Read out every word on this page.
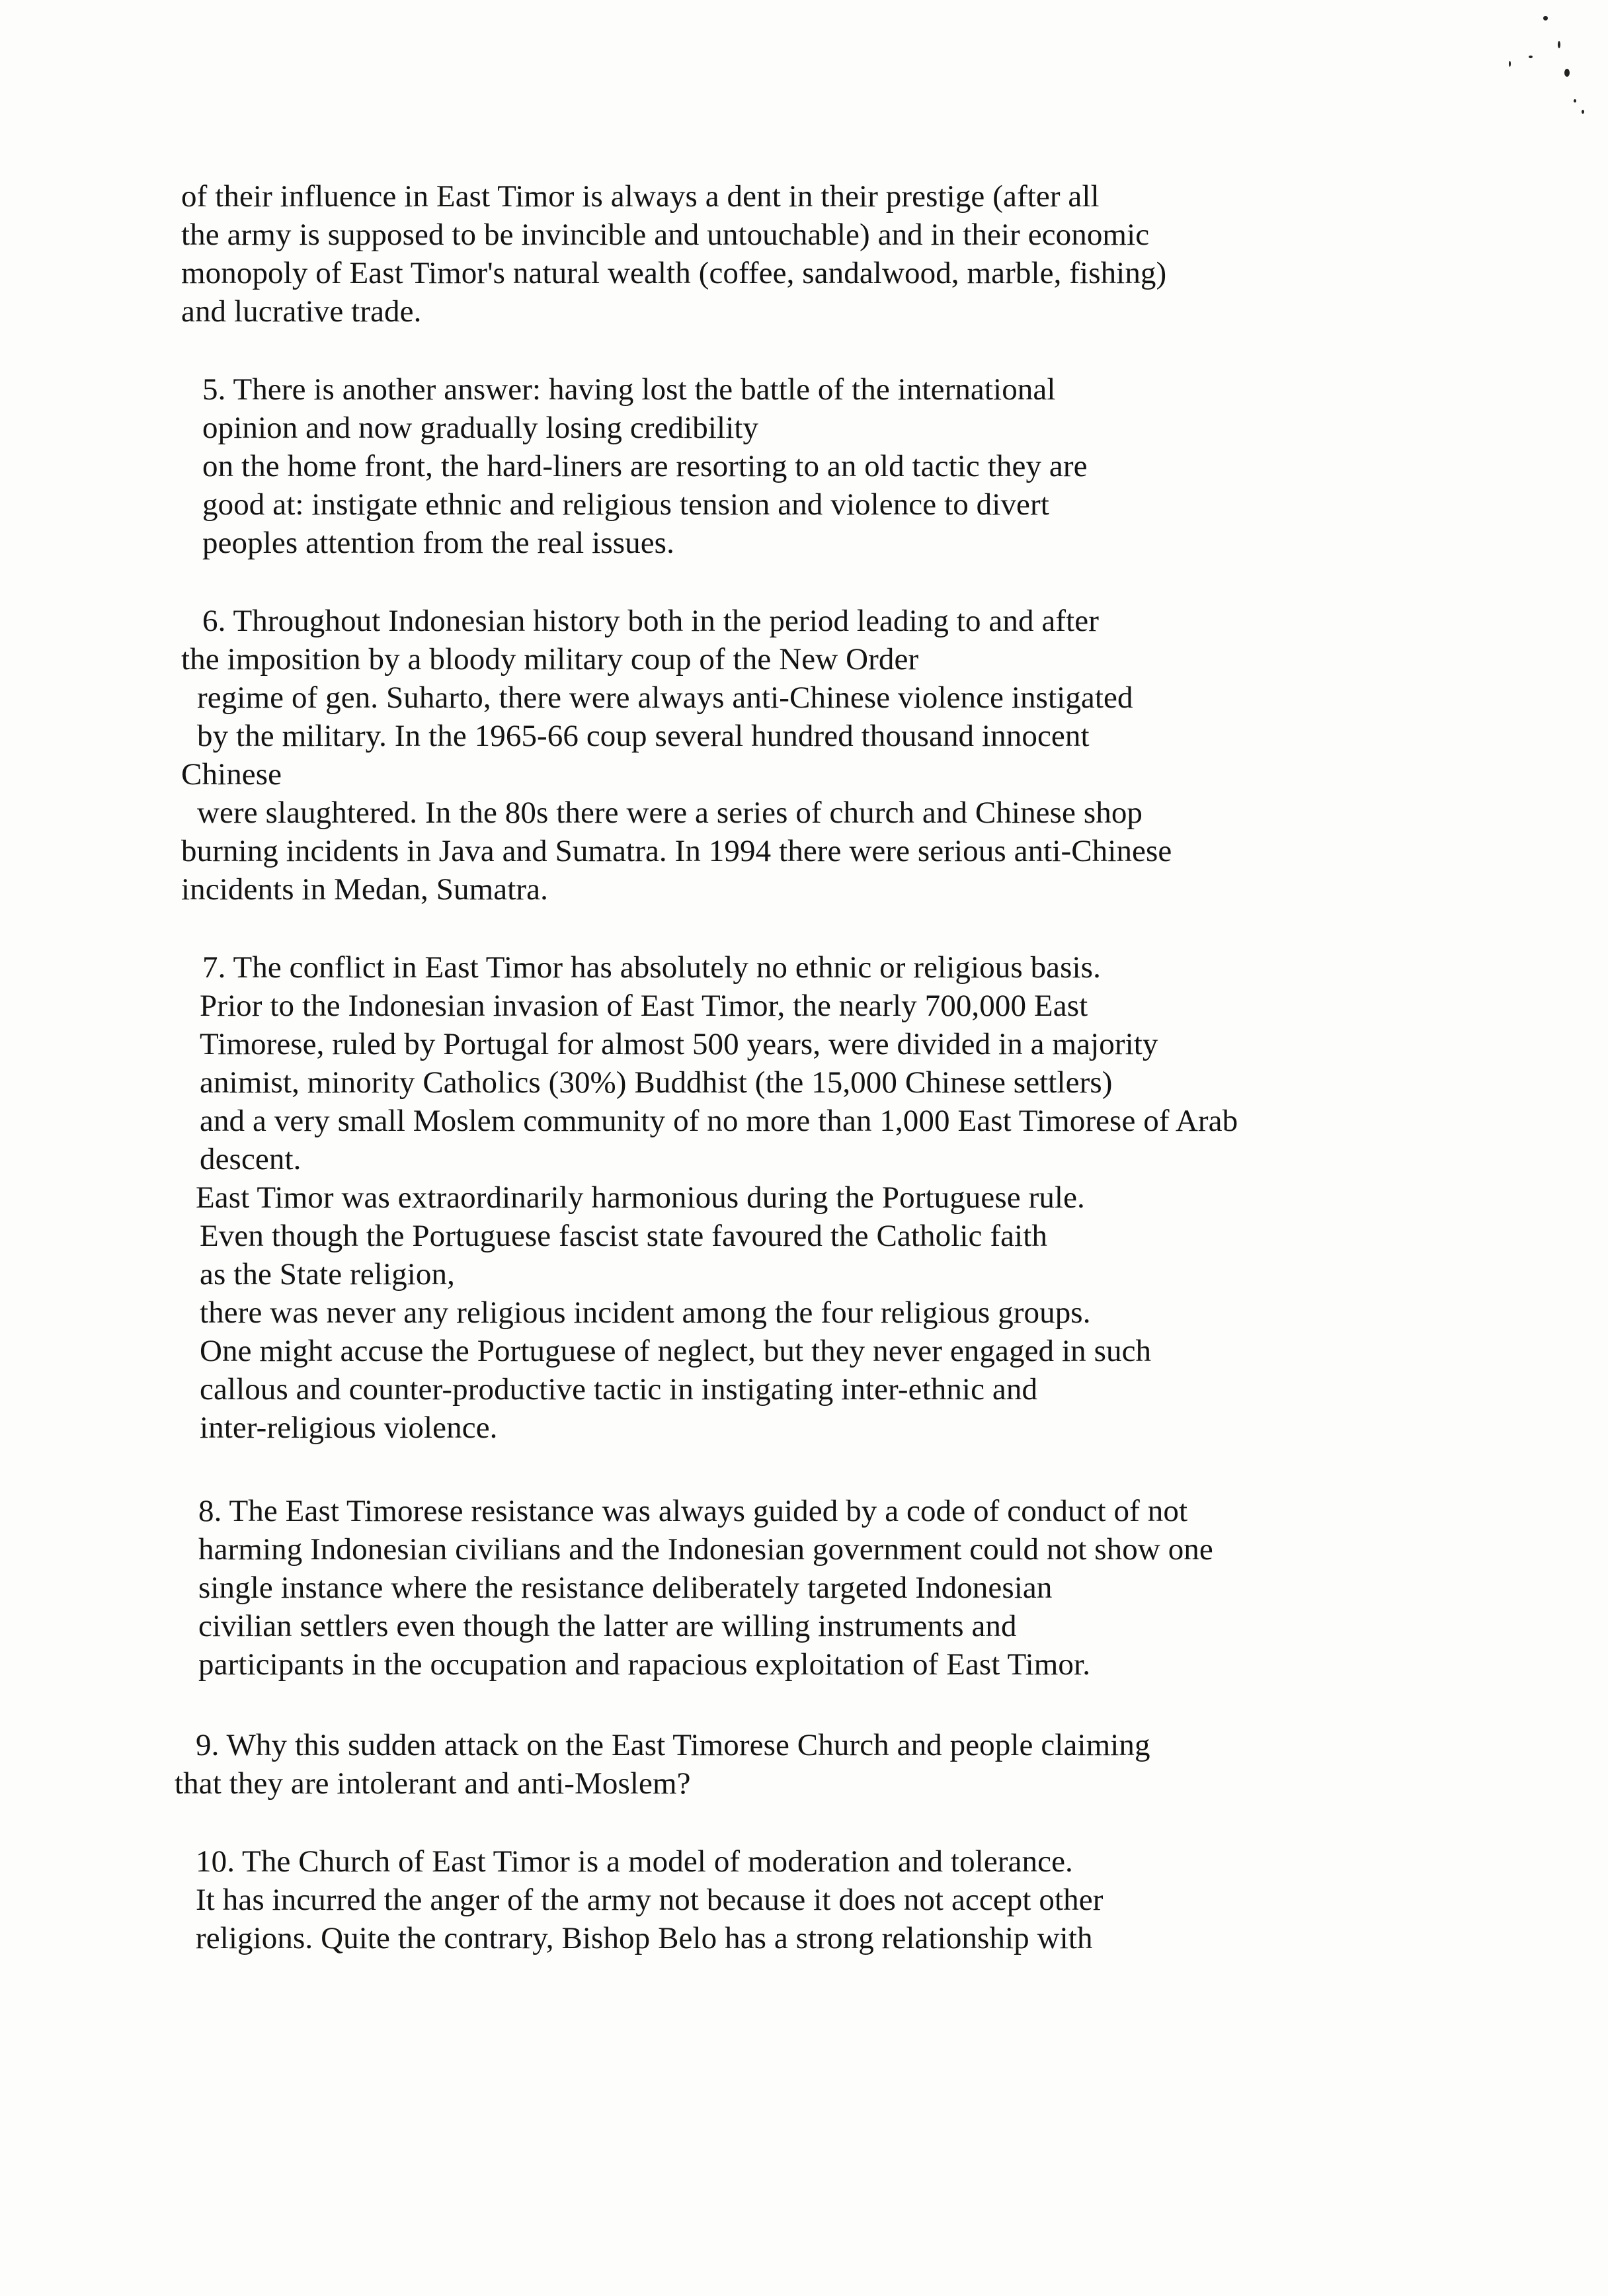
of their influence in East Timor is always a dent in their prestige (after all

the army is supposed to be invincible and untouchable) and in their economic

monopoly of East Timor's natural wealth (coffee, sandalwood, marble, fishing)

and lucrative trade.

5. There is another answer: having lost the battle of the international

opinion and now gradually losing credibility

on the home front, the hard-liners are resorting to an old tactic they are

good at: instigate ethnic and religious tension and violence to divert

peoples attention from the real issues.

6. Throughout Indonesian history both in the period leading to and after

the imposition by a bloody military coup of the New Order

regime of gen. Suharto, there were always anti-Chinese violence instigated

by the military. In the 1965-66 coup several hundred thousand innocent

Chinese

were slaughtered. In the 80s there were a series of church and Chinese shop

burning incidents in Java and Sumatra. In 1994 there were serious anti-Chinese

incidents in Medan, Sumatra.

7. The conflict in East Timor has absolutely no ethnic or religious basis.

Prior to the Indonesian invasion of East Timor, the nearly 700,000 East

Timorese, ruled by Portugal for almost 500 years, were divided in a majority

animist, minority Catholics (30%) Buddhist (the 15,000 Chinese settlers)

and a very small Moslem community of no more than 1,000 East Timorese of Arab

descent.

East Timor was extraordinarily harmonious during the Portuguese rule.

Even though the Portuguese fascist state favoured the Catholic faith

as the State religion,

there was never any religious incident among the four religious groups.

One might accuse the Portuguese of neglect, but they never engaged in such

callous and counter-productive tactic in instigating inter-ethnic and

inter-religious violence.

8. The East Timorese resistance was always guided by a code of conduct of not

harming Indonesian civilians and the Indonesian government could not show one

single instance where the resistance deliberately targeted Indonesian

civilian settlers even though the latter are willing instruments and

participants in the occupation and rapacious exploitation of East Timor.

9. Why this sudden attack on the East Timorese Church and people claiming

that they are intolerant and anti-Moslem?

10. The Church of East Timor is a model of moderation and tolerance.

It has incurred the anger of the army not because it does not accept other

religions. Quite the contrary, Bishop Belo has a strong relationship with
